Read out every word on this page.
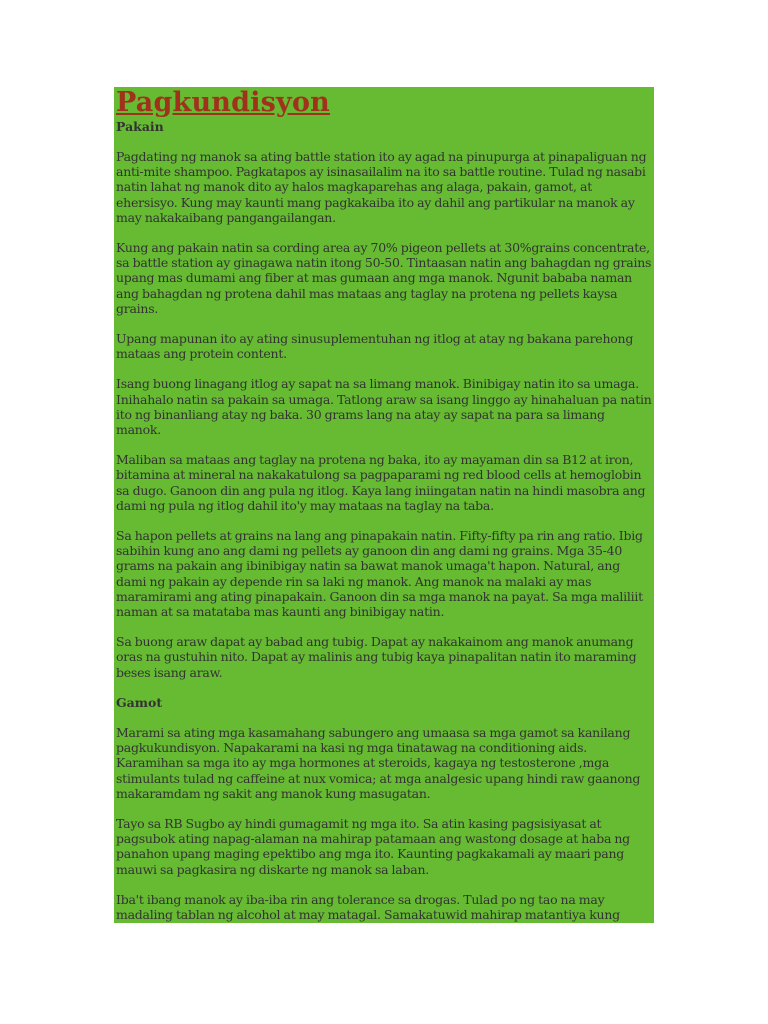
Pagkundisyon
Pakain

Pagdating ng manok sa ating battle station ito ay agad na pinupurga at pinapaliguan ng anti-mite shampoo. Pagkatapos ay isinasailalim na ito sa battle routine. Tulad ng nasabi natin lahat ng manok dito ay halos magkaparehas ang alaga, pakain, gamot, at ehersisyo. Kung may kaunti mang pagkakaiba ito ay dahil ang partikular na manok ay may nakakaibang pangangailangan.

Kung ang pakain natin sa cording area ay 70% pigeon pellets at 30%grains concentrate, sa battle station ay ginagawa natin itong 50-50. Tintaasan natin ang bahagdan ng grains upang mas dumami ang fiber at mas gumaan ang mga manok. Ngunit bababa naman ang bahagdan ng protena dahil mas mataas ang taglay na protena ng pellets kaysa grains.

Upang mapunan ito ay ating sinusuplementuhan ng itlog at atay ng bakana parehong mataas ang protein content.

Isang buong linagang itlog ay sapat na sa limang manok. Binibigay natin ito sa umaga. Inihahalo natin sa pakain sa umaga. Tatlong araw sa isang linggo ay hinahaluan pa natin ito ng binanliang atay ng baka. 30 grams lang na atay ay sapat na para sa limang manok.

Maliban sa mataas ang taglay na protena ng baka, ito ay mayaman din sa B12 at iron, bitamina at mineral na nakakatulong sa pagpaparami ng red blood cells at hemoglobin sa dugo. Ganoon din ang pula ng itlog. Kaya lang iniingatan natin na hindi masobra ang dami ng pula ng itlog dahil ito'y may mataas na taglay na taba.

Sa hapon pellets at grains na lang ang pinapakain natin. Fifty-fifty pa rin ang ratio. Ibig sabihin kung ano ang dami ng pellets ay ganoon din ang dami ng grains. Mga 35-40 grams na pakain ang ibinibigay natin sa bawat manok umaga't hapon. Natural, ang dami ng pakain ay depende rin sa laki ng manok. Ang manok na malaki ay mas maramirami ang ating pinapakain. Ganoon din sa mga manok na payat. Sa mga maliliit naman at sa matataba mas kaunti ang binibigay natin.

Sa buong araw dapat ay babad ang tubig. Dapat ay nakakainom ang manok anumang oras na gustuhin nito. Dapat ay malinis ang tubig kaya pinapalitan natin ito maraming beses isang araw.

Gamot

Marami sa ating mga kasamahang sabungero ang umaasa sa mga gamot sa kanilang pagkukundisyon. Napakarami na kasi ng mga tinatawag na conditioning aids. Karamihan sa mga ito ay mga hormones at steroids, kagaya ng testosterone ,mga stimulants tulad ng caffeine at nux vomica; at mga analgesic upang hindi raw gaanong makaramdam ng sakit ang manok kung masugatan.

Tayo sa RB Sugbo ay hindi gumagamit ng mga ito. Sa atin kasing pagsisiyasat at pagsubok ating napag-alaman na mahirap patamaan ang wastong dosage at haba ng panahon upang maging epektibo ang mga ito. Kaunting pagkakamali ay maari pang mauwi sa pagkasira ng diskarte ng manok sa laban.

Iba't ibang manok ay iba-iba rin ang tolerance sa drogas. Tulad po ng tao na may madaling tablan ng alcohol at may matagal. Samakatuwid mahirap matantiya kung
